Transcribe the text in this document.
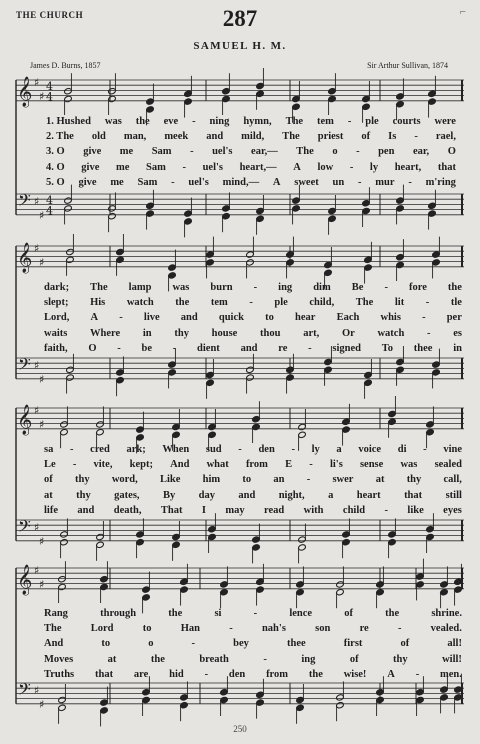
THE CHURCH	287	⌐
SAMUEL H. M.
James D. Burns, 1857	Sir Arthur Sullivan, 1874
𝄞
𝄢
♯
♯
♯
♯
4
4
4
4
𝄞
𝄢
♯
♯
♯
♯
𝄞
𝄢
♯
♯
♯
♯
𝄞
𝄢
♯
♯
♯
♯
1. Hushed was the eve - ning hymn, The tem - ple courts were
2. The old man, meek and mild, The priest of Is - rael,
3. O give me Sam - uel's ear,— The o - pen ear, O
4. O give me Sam - uel's heart,— A low - ly heart, that
5. O give me Sam - uel's mind,— A sweet un - mur - m'ring
dark; The lamp was burn - ing dim Be - fore the
slept; His watch the tem - ple child, The lit - tle
Lord, A - live and quick to hear Each whis - per
waits Where in thy house thou art, Or watch - es
faith, O - be - dient and re - signed To thee in
sa - cred ark; When sud - den - ly a voice di - vine
Le - vite, kept; And what from E - li's sense was sealed
of thy word, Like him to an - swer at thy call,
at thy gates, By day and night, a heart that still
life and death, That I may read with child - like eyes
Rang	through	the	si	-	lence	of	the	shrine.
The	Lord	to	Han	-	nah's	son	re	-	vealed.
And	to	o	-	bey	thee	first	of	all!
Moves	at	the	breath	-	ing	of	thy	will!
Truths that are hid - den from the wise! A - men.
250
